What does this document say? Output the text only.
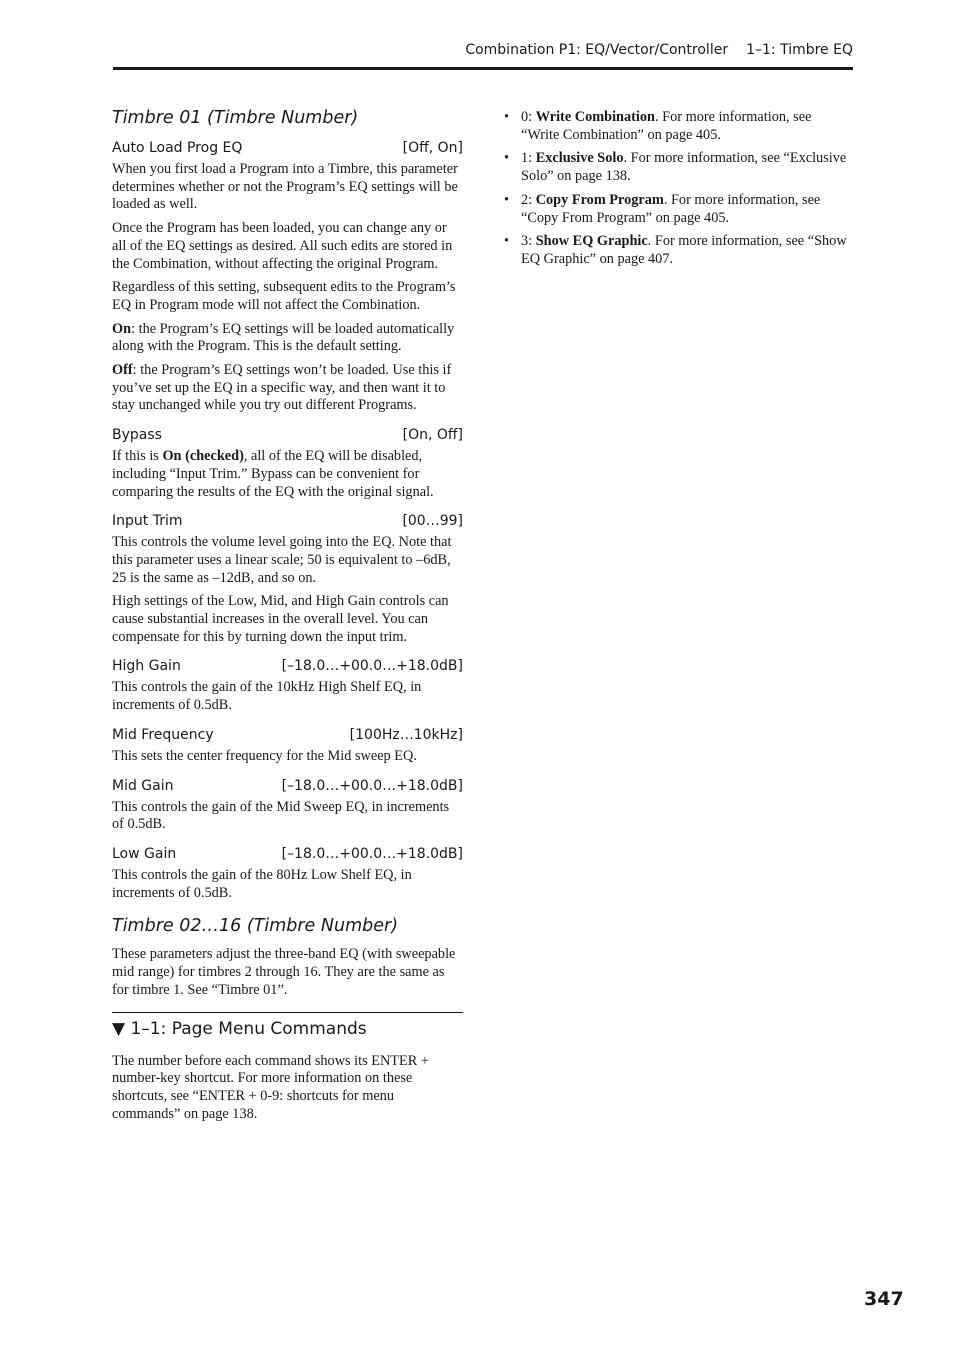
Combination P1: EQ/Vector/Controller 1–1: Timbre EQ
Timbre 01 (Timbre Number)
Auto Load Prog EQ	[Off, On]

When you first load a Program into a Timbre, this parameter determines whether or not the Program’s EQ settings will be loaded as well.

Once the Program has been loaded, you can change any or all of the EQ settings as desired. All such edits are stored in the Combination, without affecting the original Program.

Regardless of this setting, subsequent edits to the Program’s EQ in Program mode will not affect the Combination.

On: the Program’s EQ settings will be loaded automatically along with the Program. This is the default setting.

Off: the Program’s EQ settings won’t be loaded. Use this if you’ve set up the EQ in a specific way, and then want it to stay unchanged while you try out different Programs.

Bypass	[On, Off]

If this is On (checked), all of the EQ will be disabled, including “Input Trim.” Bypass can be convenient for comparing the results of the EQ with the original signal.

Input Trim	[00…99]

This controls the volume level going into the EQ. Note that this parameter uses a linear scale; 50 is equivalent to –6dB, 25 is the same as –12dB, and so on.

High settings of the Low, Mid, and High Gain controls can cause substantial increases in the overall level. You can compensate for this by turning down the input trim.

High Gain	[–18.0…+00.0…+18.0dB]

This controls the gain of the 10kHz High Shelf EQ, in increments of 0.5dB.

Mid Frequency	[100Hz…10kHz]

This sets the center frequency for the Mid sweep EQ.

Mid Gain	[–18.0…+00.0…+18.0dB]

This controls the gain of the Mid Sweep EQ, in increments of 0.5dB.

Low Gain	[–18.0…+00.0…+18.0dB]

This controls the gain of the 80Hz Low Shelf EQ, in increments of 0.5dB.

Timbre 02…16 (Timbre Number)

These parameters adjust the three-band EQ (with sweepable mid range) for timbres 2 through 16. They are the same as for timbre 1. See “Timbre 01”.

▼ 1–1: Page Menu Commands

The number before each command shows its ENTER + number-key shortcut. For more information on these shortcuts, see “ENTER + 0-9: shortcuts for menu commands” on page 138.

• 0: Write Combination. For more information, see “Write Combination” on page 405.
• 1: Exclusive Solo. For more information, see “Exclusive Solo” on page 138.
• 2: Copy From Program. For more information, see “Copy From Program” on page 405.
• 3: Show EQ Graphic. For more information, see “Show EQ Graphic” on page 407.
347
